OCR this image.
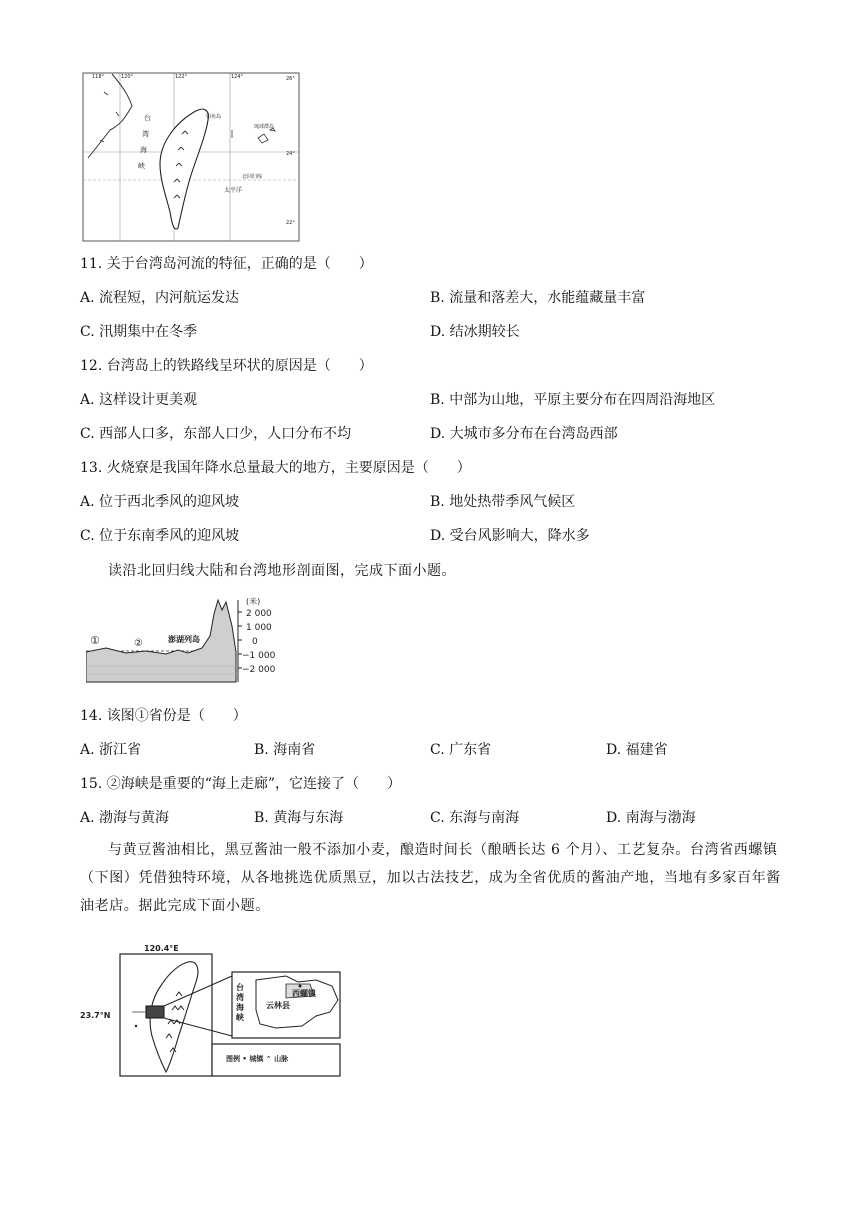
118°	120°	122°	124°	26°
24°
22°
台
湾
海
峡
钓鱼岛
琉球群岛
北回归线
太平洋
11. 关于台湾岛河流的特征，正确的是（　　）
A. 流程短，内河航运发达	B. 流量和落差大，水能蕴藏量丰富
C. 汛期集中在冬季	D. 结冰期较长
12. 台湾岛上的铁路线呈环状的原因是（　　）
A. 这样设计更美观	B. 中部为山地，平原主要分布在四周沿海地区
C. 西部人口多，东部人口少，人口分布不均	D. 大城市多分布在台湾岛西部
13. 火烧寮是我国年降水总量最大的地方，主要原因是（　　）
A. 位于西北季风的迎风坡	B. 地处热带季风气候区
C. 位于东南季风的迎风坡	D. 受台风影响大，降水多
读沿北回归线大陆和台湾地形剖面图，完成下面小题。
(米)
2 000
1 000
0
−1 000
−2 000
①	②	澎湖列岛
14. 该图①省份是（　　）
A. 浙江省	B. 海南省	C. 广东省	D. 福建省
15. ②海峡是重要的“海上走廊”，它连接了（　　）
A. 渤海与黄海	B. 黄海与东海	C. 东海与南海	D. 南海与渤海
与黄豆酱油相比，黑豆酱油一般不添加小麦，酿造时间长（酿晒长达 6 个月）、工艺复杂。台湾省西螺镇（下图）凭借独特环境，从各地挑选优质黑豆，加以古法技艺，成为全省优质的酱油产地，当地有多家百年酱油老店。据此完成下面小题。
120.4°E
23.7°N
台
湾
海
峡
云林县
西螺镇
图例 • 城镇 ⌃ 山脉
